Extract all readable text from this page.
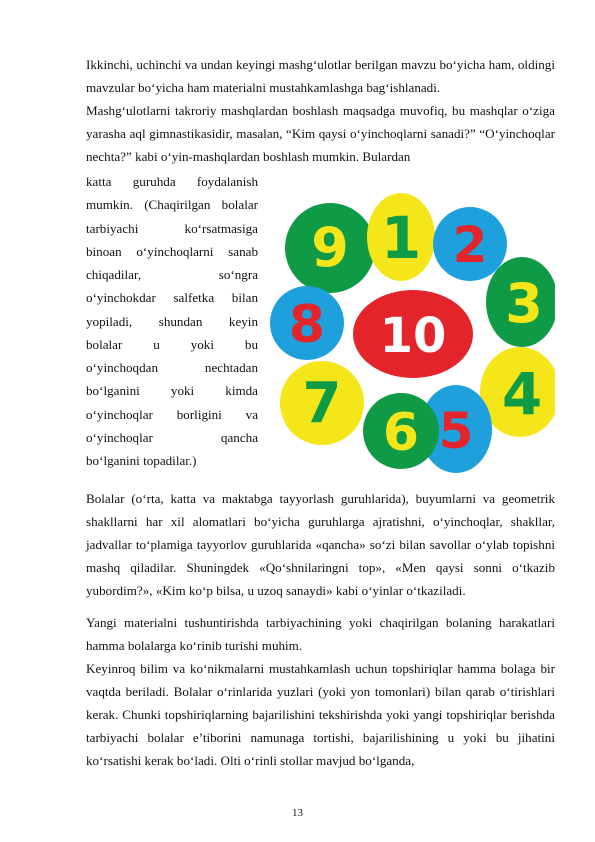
Ikkinchi, uchinchi va undan keyingi mashg‘ulotlar berilgan mavzu bo‘yicha ham, oldingi mavzular bo‘yicha ham materialni mustahkamlashga bag‘ishlanadi.

Mashg‘ulotlarni takroriy mashqlardan boshlash maqsadga muvofiq, bu mashqlar o‘ziga yarasha aql gimnastikasidir, masalan, “Kim qaysi o‘yinchoqlarni sanadi?” “O‘yinchoqlar nechta?” kabi o‘yin-mashqlardan boshlash mumkin. Bulardan

katta guruhda foydalanish
mumkin. (Chaqirilgan bolalar
tarbiyachi ko‘rsatmasiga
binoan o‘yinchoqlarni sanab
chiqadilar, so‘ngra
o‘yinchokdar salfetka bilan
yopiladi, shundan keyin
bolalar u yoki bu
o‘yinchoqdan nechtadan
bo‘lganini yoki kimda
o‘yinchoqlar borligini va
o‘yinchoqlar qancha
bo‘lganini topadilar.)
9 1 2
3
4
5
6
7
8 10

Bolalar (o‘rta, katta va maktabga tayyorlash guruhlarida), buyumlarni va geometrik shakllarni har xil alomatlari bo‘yicha guruhlarga ajratishni, o‘yinchoqlar, shakllar, jadvallar to‘plamiga tayyorlov guruhlarida «qancha» so‘zi bilan savollar o‘ylab topishni mashq qiladilar. Shuningdek «Qo‘shnilaringni top», «Men qaysi sonni o‘tkazib yubordim?», «Kim ko‘p bilsa, u uzoq sanaydi» kabi o‘yinlar o‘tkaziladi.

Yangi materialni tushuntirishda tarbiyachining yoki chaqirilgan bolaning harakatlari hamma bolalarga ko‘rinib turishi muhim.

Keyinroq bilim va ko‘nikmalarni mustahkamlash uchun topshiriqlar hamma bolaga bir vaqtda beriladi. Bolalar o‘rinlarida yuzlari (yoki yon tomonlari) bilan qarab o‘tirishlari kerak. Chunki topshiriqlarning bajarilishini tekshirishda yoki yangi topshiriqlar berishda tarbiyachi bolalar e’tiborini namunaga tortishi, bajarilishining u yoki bu jihatini ko‘rsatishi kerak bo‘ladi. Olti o‘rinli stollar mavjud bo‘lganda,

13
